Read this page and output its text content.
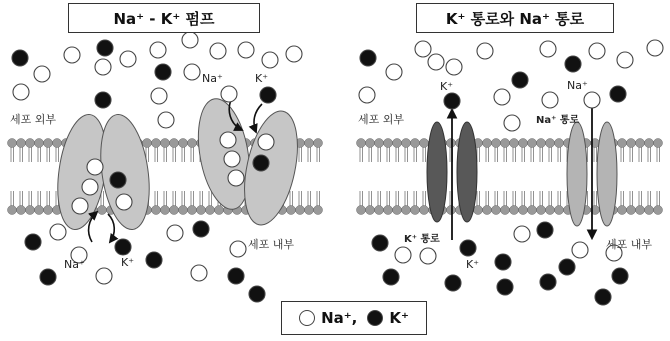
Na⁺ - K⁺ 펌프	K⁺ 통로와 Na⁺ 통로
세포 외부
세포 내부
Na⁺	K⁺
Na⁺	K⁺
세포 외부
세포 내부
K⁺ 통로
Na⁺ 통로
K⁺	Na⁺
K⁺
Na⁺, K⁺
